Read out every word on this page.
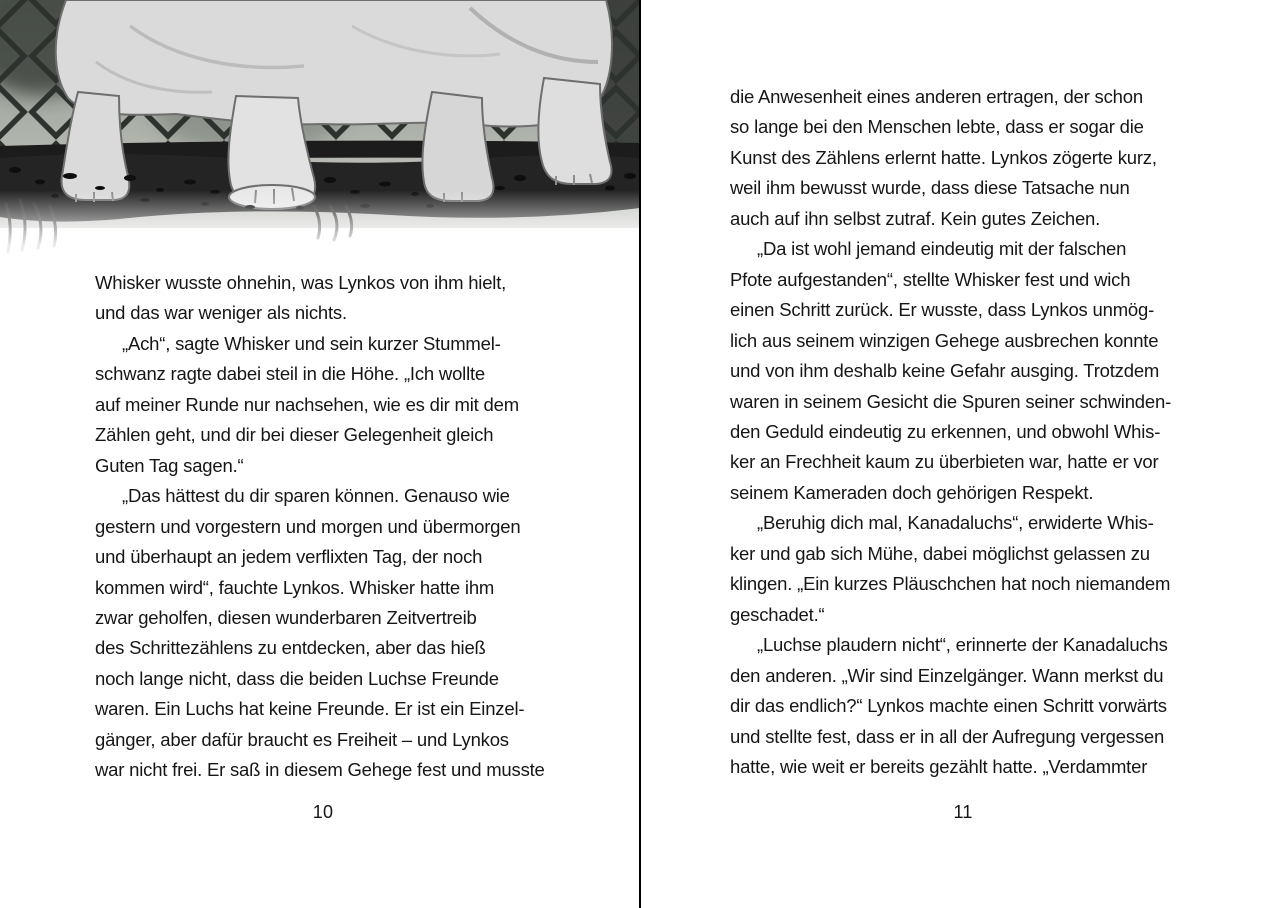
Whisker wusste ohnehin, was Lynkos von ihm hielt,
und das war weniger als nichts.
„Ach“, sagte Whisker und sein kurzer Stummel-
schwanz ragte dabei steil in die Höhe. „Ich wollte
auf meiner Runde nur nachsehen, wie es dir mit dem
Zählen geht, und dir bei dieser Gelegenheit gleich
Guten Tag sagen.“
„Das hättest du dir sparen können. Genauso wie
gestern und vorgestern und morgen und übermorgen
und überhaupt an jedem verflixten Tag, der noch
kommen wird“, fauchte Lynkos. Whisker hatte ihm
zwar geholfen, diesen wunderbaren Zeitvertreib
des Schrittezählens zu entdecken, aber das hieß
noch lange nicht, dass die beiden Luchse Freunde
waren. Ein Luchs hat keine Freunde. Er ist ein Einzel-
gänger, aber dafür braucht es Freiheit – und Lynkos
war nicht frei. Er saß in diesem Gehege fest und musste
10
die Anwesenheit eines anderen ertragen, der schon
so lange bei den Menschen lebte, dass er sogar die
Kunst des Zählens erlernt hatte. Lynkos zögerte kurz,
weil ihm bewusst wurde, dass diese Tatsache nun
auch auf ihn selbst zutraf. Kein gutes Zeichen.
„Da ist wohl jemand eindeutig mit der falschen
Pfote aufgestanden“, stellte Whisker fest und wich
einen Schritt zurück. Er wusste, dass Lynkos unmög-
lich aus seinem winzigen Gehege ausbrechen konnte
und von ihm deshalb keine Gefahr ausging. Trotzdem
waren in seinem Gesicht die Spuren seiner schwinden-
den Geduld eindeutig zu erkennen, und obwohl Whis-
ker an Frechheit kaum zu überbieten war, hatte er vor
seinem Kameraden doch gehörigen Respekt.
„Beruhig dich mal, Kanadaluchs“, erwiderte Whis-
ker und gab sich Mühe, dabei möglichst gelassen zu
klingen. „Ein kurzes Pläuschchen hat noch niemandem
geschadet.“
„Luchse plaudern nicht“, erinnerte der Kanadaluchs
den anderen. „Wir sind Einzelgänger. Wann merkst du
dir das endlich?“ Lynkos machte einen Schritt vorwärts
und stellte fest, dass er in all der Aufregung vergessen
hatte, wie weit er bereits gezählt hatte. „Verdammter
11
